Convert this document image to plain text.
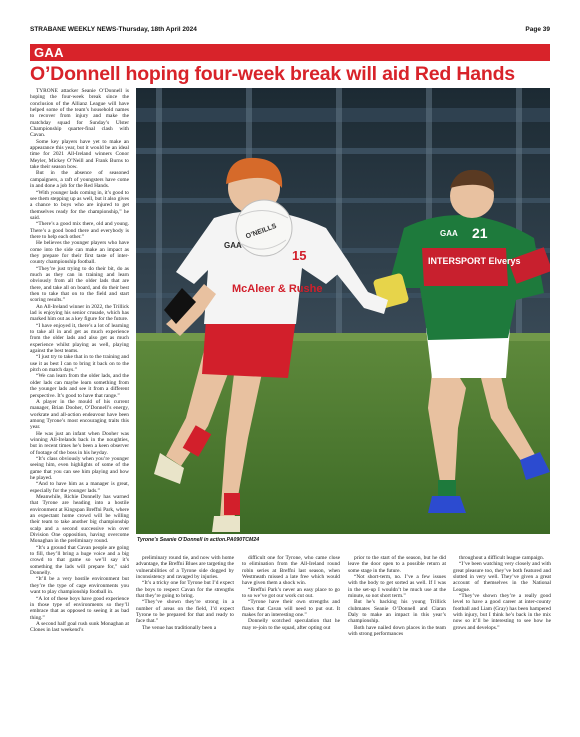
STRABANE WEEKLY NEWS-Thursday, 18th April 2024	Page 39
GAA
O’Donnell hoping four-week break will aid Red Hands

TYRONE attacker Seanie O’Donnell is hoping the four-week break since the conclusion of the Allianz League will have helped some of the team’s household names to recover from injury and make the matchday squad for Sunday’s Ulster Championship quarter-final clash with Cavan.

Some key players have yet to make an appearance this year, but it would be an ideal time for 2021 All-Ireland winners Conor Meyler, Mickey O’Neill and Frank Burns to take their season bow.

But in the absence of seasoned campaigners, a raft of youngsters have come in and done a job for the Red Hands.

“With younger lads coming in, it’s good to see them stepping up as well, but it also gives a chance to boys who are injured to get themselves ready for the championship,” he said.

“There’s a good mix there, old and young. There’s a good bond there and everybody is there to help each other.”

He believes the younger players who have come into the side can make an impact as they prepare for their first taste of inter-county championship football.

“They’re just trying to do their bit, do as much as they can in training and learn obviously from all the older lads that are there, and take all on board, and do their best then to take that on to the field and start scoring results.”

An All-Ireland winner in 2022, the Trillick lad is enjoying his senior crusade, which has marked him out as a key figure for the future.

“I have enjoyed it, there’s a lot of learning to take all in and get as much experience from the older lads and also get as much experience whilst playing as well, playing against the best teams.

“I just try to take that in to the training and use it as best I can to bring it back on to the pitch on match days.”

“We can learn from the older lads, and the older lads can maybe learn something from the younger lads and see it from a different perspective. It’s good to have that range.”

A player in the mould of his current manager, Brian Dooher, O’Donnell’s energy, workrate and all-action endeavour have been among Tyrone’s most encouraging traits this year.

He was just an infant when Dooher was winning All-Irelands back in the noughties, but in recent times he’s been a keen observer of footage of the boss in his heyday.

“It’s class obviously when you’re younger seeing him, even highlights of some of the game that you can see him playing and how he played.

“And to have him as a manager is great, especially for the younger lads.”

Meanwhile, Richie Donnelly has warned that Tyrone are heading into a hostile environment at Kingspan Breffni Park, where an expectant home crowd will be willing their team to take another big championship scalp and a second successive win over Division One opposition, having overcome Monaghan in the preliminary round.

“It’s a ground that Cavan people are going to fill, they’ll bring a huge voice and a big crowd to that game so we’ll say it’s something the lads will prepare for,” said Donnelly.

“It’ll be a very hostile environment but they’re the type of cage environments you want to play championship football in.

“A lot of these boys have good experience in those type of environments so they’ll embrace that as opposed to seeing it as bad thing.”

A second half goal rush sunk Monaghan at Clones in last weekend’s

GAA 21
INTERSPORT Elverys
GAA
15
McAleer & Rushe
O’NEILLS
Tyrone’s Seanie O’Donnell in action.PA090TCM24

preliminary round tie, and now with home advantage, the Breffni Blues are targeting the vulnerabilities of a Tyrone side dogged by inconsistency and ravaged by injuries.

“It’s a tricky one for Tyrone but I’d expect the boys to respect Cavan for the strengths that they’re going to bring.

“They’ve shown they’re strong in a number of areas on the field, I’d expect Tyrone to be prepared for that and ready to face that.”

The venue has traditionally been a

difficult one for Tyrone, who came close to elimination from the All-Ireland round robin series at Breffni last season, when Westmeath missed a late free which would have given them a shock win.

“Breffni Park’s never an easy place to go to so we’ve got our work cut out.

“Tyrone have their own strengths and flaws that Cavan will need to put out. It makes for an interesting one.”

Donnelly scotched speculation that he may re-join to the squad, after opting out

prior to the start of the season, but he did leave the door open to a possible return at some stage in the future.

“Not short-term, no. I’ve a few issues with the body to get sorted as well. If I was in the set-up I wouldn’t be much use at the minute, so not short term.”

But he’s backing his young Trillick clubmates Seanie O’Donnell and Ciaran Daly to make an impact in this year’s championship.

Both have nailed down places in the team with strong performances

throughout a difficult league campaign.

“I’ve been watching very closely and with great pleasure too, they’ve both featured and slotted in very well. They’ve given a great account of themselves in the National League.

“They’ve shown they’re a really good level to have a good career at inter-county football and Liam (Gray) has been hampered with injury, but I think he’s back in the mix now so it’ll be interesting to see how he grows and develops.”
